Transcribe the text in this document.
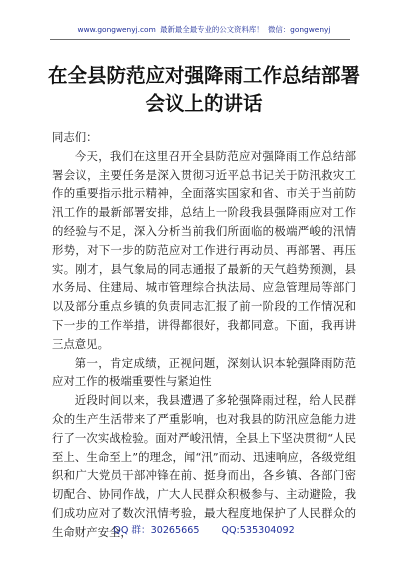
www.gongwenyj.com 最新最全最专业的公文资料库！ 微信：gongwenyj
在全县防范应对强降雨工作总结部署会议上的讲话

同志们：

今天，我们在这里召开全县防范应对强降雨工作总结部署会议，主要任务是深入贯彻习近平总书记关于防汛救灾工作的重要指示批示精神，全面落实国家和省、市关于当前防汛工作的最新部署安排，总结上一阶段我县强降雨应对工作的经验与不足，深入分析当前我们所面临的极端严峻的汛情形势，对下一步的防范应对工作进行再动员、再部署、再压实。刚才，县气象局的同志通报了最新的天气趋势预测，县水务局、住建局、城市管理综合执法局、应急管理局等部门以及部分重点乡镇的负责同志汇报了前一阶段的工作情况和下一步的工作举措，讲得都很好，我都同意。下面，我再讲三点意见。

第一，肯定成绩，正视问题，深刻认识本轮强降雨防范应对工作的极端重要性与紧迫性

近段时间以来，我县遭遇了多轮强降雨过程，给人民群众的生产生活带来了严重影响，也对我县的防汛应急能力进行了一次实战检验。面对严峻汛情，全县上下坚决贯彻“人民至上、生命至上”的理念，闻“汛”而动、迅速响应，各级党组织和广大党员干部冲锋在前、挺身而出，各乡镇、各部门密切配合、协同作战，广大人民群众积极参与、主动避险，我们成功应对了数次汛情考验，最大程度地保护了人民群众的生命财产安全，

QQ 群：30265665 QQ:535304092
